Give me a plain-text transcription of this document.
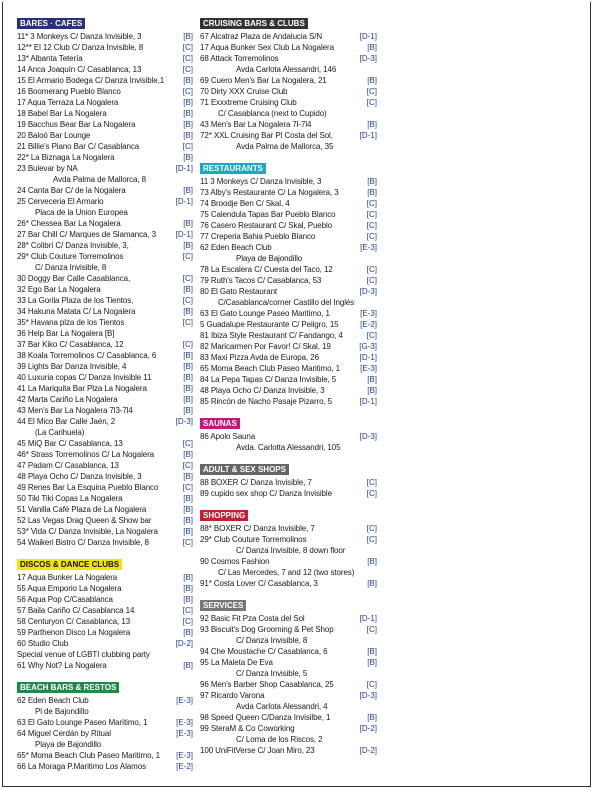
BARES · CAFES
11* 3 Monkeys C/ Danza Invisible, 3	[B]
12** El 12 Club C/ Danza Invisible, 8	[C]
13* Albanta Tetería	[C]
14 Anca Joaquín C/ Casablanca, 13	[C]
15 El Armario Bodega C/ Danza Invisible,1	[B]
16 Boomerang Pueblo Blanco	[C]
17 Aqua Terraza La Nogalera	[B]
18 Babel Bar La Nogalera	[B]
19 Bacchus Bear Bar La Nogalera	[B]
20 Baloó Bar Lounge	[B]
21 Billie's Piano Bar C/ Casablanca	[C]
22* La Biznaga La Nogalera	[B]
23 Bulevar by NA	[D-1]
Avda Palma de Mallorca, 8
24 Canta Bar C/ de la Nogalera	[B]
25 Cerveceria El Armario	[D-1]
Placa de la Union Europea
26* Chessea Bar La Nogalera	[B]
27 Bar Chill C/ Marques de Slamanca, 3	[D-1]
28* Colibrí C/ Danza Invisible, 3,	[B]
29* Club Couture Torremolinos	[C]
C/ Danza Invisible, 8
30 Doggy Bar Calle Casablanca,	[C]
32 Ego Bar La Nogalera	[B]
33 La Gorila Plaza de los Tientos,	[C]
34 Hakuna Matata C/ La Nogalera	[B]
35* Havana plza de los Tientos	[C]
36 Help Bar La Nogalera [B]
37 Bar Kiko C/ Casablanca, 12	[C]
38 Koala Torremolinos C/ Casablanca, 6	[B]
39 Lights Bar Danza Invisible, 4	[B]
40 Luxuria copas C/ Danza Invisible 11	[B]
41 La Mariquita Bar Plza La Nogalera	[B]
42 Marta Cariño La Nogalera	[B]
43 Men's Bar La Nogalera 7l3-7l4	[B]
44 El Mico Bar Calle Jaén, 2	[D-3]
(La Carihuela)
45 MiQ Bar C/ Casablanca, 13	[C]
46* Strass Torremolinos C/ La Nogalera	[B]
47 Padam C/ Casablanca, 13	[C]
48 Playa Ocho C/ Danza Invisible, 3	[B]
49 Renes Bar La Esquina Pueblo Blanco	[C]
50 Tiki Tiki Copas La Nogalera	[B]
51 Vanilla Café Plaza de La Nogalera	[B]
52 Las Vegas Drag Queen & Show bar	[B]
53* Vida C/ Danza Invisible, La Nogalera	[B]
54 Waikeri Bistro C/ Danza Invisible, 8	[C]
DISCOS & DANCE CLUBS
17 Aqua Bunker La Nogalera	[B]
55 Aqua Emporio La Nogalera	[B]
56 Aqua Pop C/Casablanca	[B]
57 Baila Cariño C/ Casablanca 14	[C]
58 Centuryon C/ Casablanca, 13	[C]
59 Parthenon Disco La Nogalera	[B]
60 Studio Club	[D-2]
Special venue of LGBTI clubbing party
61 Why Not? La Nogalera	[B]
BEACH BARS & RESTOS
62 Eden Beach Club	[E-3]
Pl de Bajondillo
63 El Gato Lounge Paseo Marítimo, 1	[E-3]
64 Miguel Cerdán by Ritual	[E-3]
Playa de Bajondillo
65* Moma Beach Club Paseo Maritimo, 1	[E-3]
66 La Moraga P.Maritimo Los Alamos	[E-2]
CRUISING BARS & CLUBS
67 Alcatraz Plaza de Andalucia S/N	[D-1]
17 Aqua Bunker Sex Club La Nogalera	[B]
68 Attack Torremolinos	[D-3]
Avda Carlota Alessandri, 146
69 Cuero Men's Bar La Nogalera, 21	[B]
70 Dirty XXX Cruise Club	[C]
71 Exxxtreme Cruising Club	[C]
C/ Casablanca (next to Cupido)
43 Men's Bar La Nogalera 7l-7l4	[B]
72* XXL Cruising Bar Pl Costa del Sol,	[D-1]
Avda Palma de Mallorca, 35
RESTAURANTS
11 3 Monkeys C/ Danza Invisible, 3	[B]
73 Alby's Restaurante C/ La Nogalera, 3	[B]
74 Broodje Ben C/ Skal, 4	[C]
75 Calendula Tapas Bar Pueblo Blanco	[C]
76 Casero Restaurant C/ Skal, Pueblo	[C]
77 Creperia Bahia Pueblo Blanco	[C]
62 Eden Beach Club	[E-3]
Playa de Bajondillo
78 La Escalera C/ Cuesta del Taco, 12	[C]
79 Ruth's Tacos C/ Casablanca, 53	[C]
80 El Gato Restaurant	[D-3]
C/Casablanca/corner Castillo del Inglés
63 El Gato Lounge Paseo Maritimo, 1	[E-3]
5 Guadalupe Restaurante C/ Peligro, 15	[E-2]
81 Ibiza Style Restaurant C/ Fandango, 4	[C]
82 Maricarmen Por Favor! C/ Skal, 19	[G-3]
83 Maxi Pizza Avda de Europa, 26	[D-1]
65 Moma Beach Club Paseo Maritimo, 1	[E-3]
84 La Pepa Tapas C/ Danza Invisible, 5	[B]
48 Playa Ocho C/ Danza Invisible, 3	[B]
85 Rincón de Nacho Pasaje Pizarro, 5	[D-1]
SAUNAS
86 Apolo Sauna	[D-3]
Avda. Carlotta Alessandri, 105
ADULT & SEX SHOPS
88 BOXER C/ Danza Invisible, 7	[C]
89 cupido sex shop C/ Danza Invisible	[C]
SHOPPING
88* BOXER C/ Danza Invisible, 7	[C]
29* Club Couture Torremolinos	[C]
C/ Danza Invisible, 8 down floor
90 Cosmos Fashion	[B]
C/ Las Mercedes, 7 and 12 (two stores)
91* Costa Lover C/ Casablanca, 3	[B]
SERVICES
92 Basic Fit Pza Costa del Sol	[D-1]
93 Biscuit's Dog Grooming & Pet Shop	[C]
C/ Danza Invisible, 8
94 Che Moustache C/ Casablanca, 6	[B]
95 La Maleta De Eva	[B]
C/ Danza Invisible, 5
96 Men's Barber Shop Casablanca, 25	[C]
97 Ricardo Varona	[D-3]
Avda Carlota Alessandri, 4
98 Speed Queen C/Danza Invisilbe, 1	[B]
99 SteraM & Co Coworking	[D-2]
C/ Loma de los Riscos, 2
100 UniFitVerse C/ Joan Miro, 23	[D-2]
